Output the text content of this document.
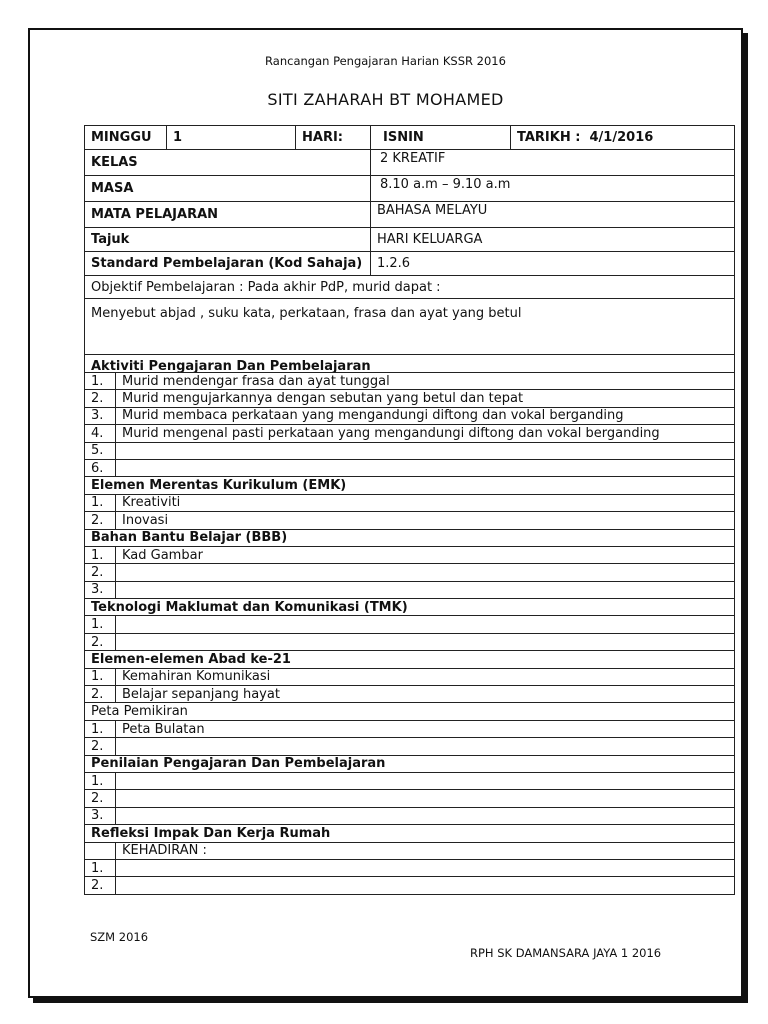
Rancangan Pengajaran Harian KSSR 2016
SITI ZAHARAH BT MOHAMED
MINGGU	1	HARI:	ISNIN	TARIKH : 4/1/2016
KELAS			2 KREATIF	
MASA			8.10 a.m – 9.10 a.m	
MATA PELAJARAN			BAHASA MELAYU	
Tajuk			HARI KELUARGA	
Standard Pembelajaran (Kod Sahaja)			1.2.6	
Objektif Pembelajaran : Pada akhir PdP, murid dapat :				
Menyebut abjad , suku kata, perkataan, frasa dan ayat yang betul				
Aktiviti Pengajaran Dan Pembelajaran				
1.	Murid mendengar frasa dan ayat tunggal
2.	Murid mengujarkannya dengan sebutan yang betul dan tepat
3.	Murid membaca perkataan yang mengandungi diftong dan vokal berganding
4.	Murid mengenal pasti perkataan yang mengandungi diftong dan vokal berganding
5.	
6.	
Elemen Merentas Kurikulum (EMK)	
1.	Kreativiti
2.	Inovasi
Bahan Bantu Belajar (BBB)	
1.	Kad Gambar
2.	
3.	
Teknologi Maklumat dan Komunikasi (TMK)	
1.	
2.	
Elemen-elemen Abad ke-21	
1.	Kemahiran Komunikasi
2.	Belajar sepanjang hayat
Peta Pemikiran	
1.	Peta Bulatan
2.	
Penilaian Pengajaran Dan Pembelajaran	
1.	
2.	
3.	
Refleksi Impak Dan Kerja Rumah	
	KEHADIRAN :
1.	
2.	
SZM 2016
RPH SK DAMANSARA JAYA 1 2016
